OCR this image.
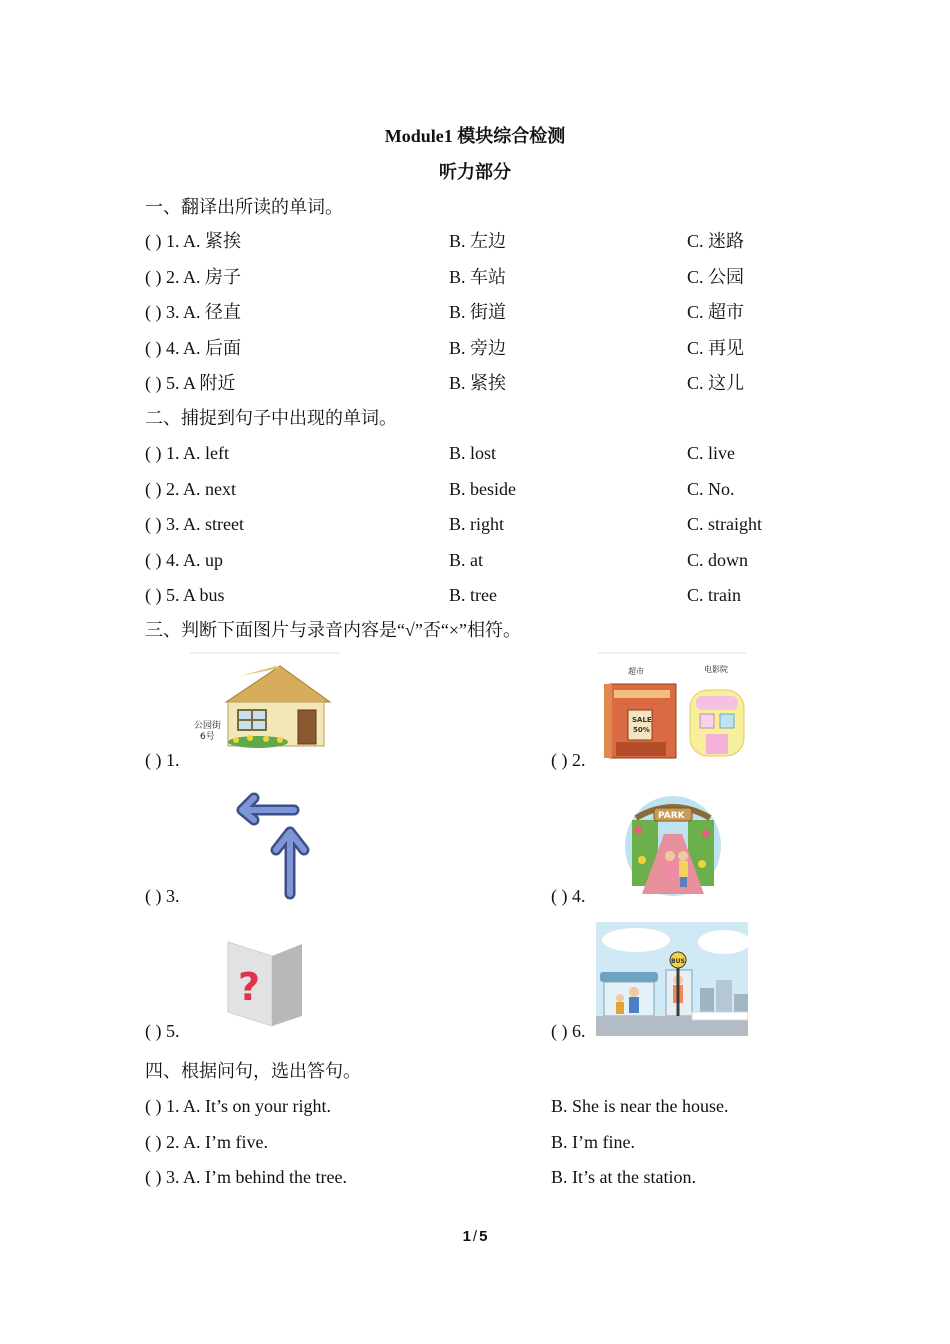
Module1 模块综合检测
听力部分
一、翻译出所读的单词。
( ) 1. A. 紧挨	B. 左边	C. 迷路
( ) 2. A. 房子	B. 车站	C. 公园
( ) 3. A. 径直	B. 街道	C. 超市
( ) 4. A. 后面	B. 旁边	C. 再见
( ) 5. A 附近	B. 紧挨	C. 这儿
二、捕捉到句子中出现的单词。
( ) 1. A. left	B. lost	C. live
( ) 2. A. next	B. beside	C. No.
( ) 3. A. street	B. right	C. straight
( ) 4. A. up	B. at	C. down
( ) 5. A bus	B. tree	C. train
三、判断下面图片与录音内容是“√”否“×”相符。
公园街
6号
( ) 1.
超市	电影院
SALE
50%
( ) 2.
( ) 3.
PARK
( ) 4.
?
( ) 5.
BUS
( ) 6.
四、根据问句，选出答句。
( ) 1. A. It’s on your right.	B. She is near the house.
( ) 2. A. I’m five.	B. I’m fine.
( ) 3. A. I’m behind the tree.	B. It’s at the station.
1 / 5
